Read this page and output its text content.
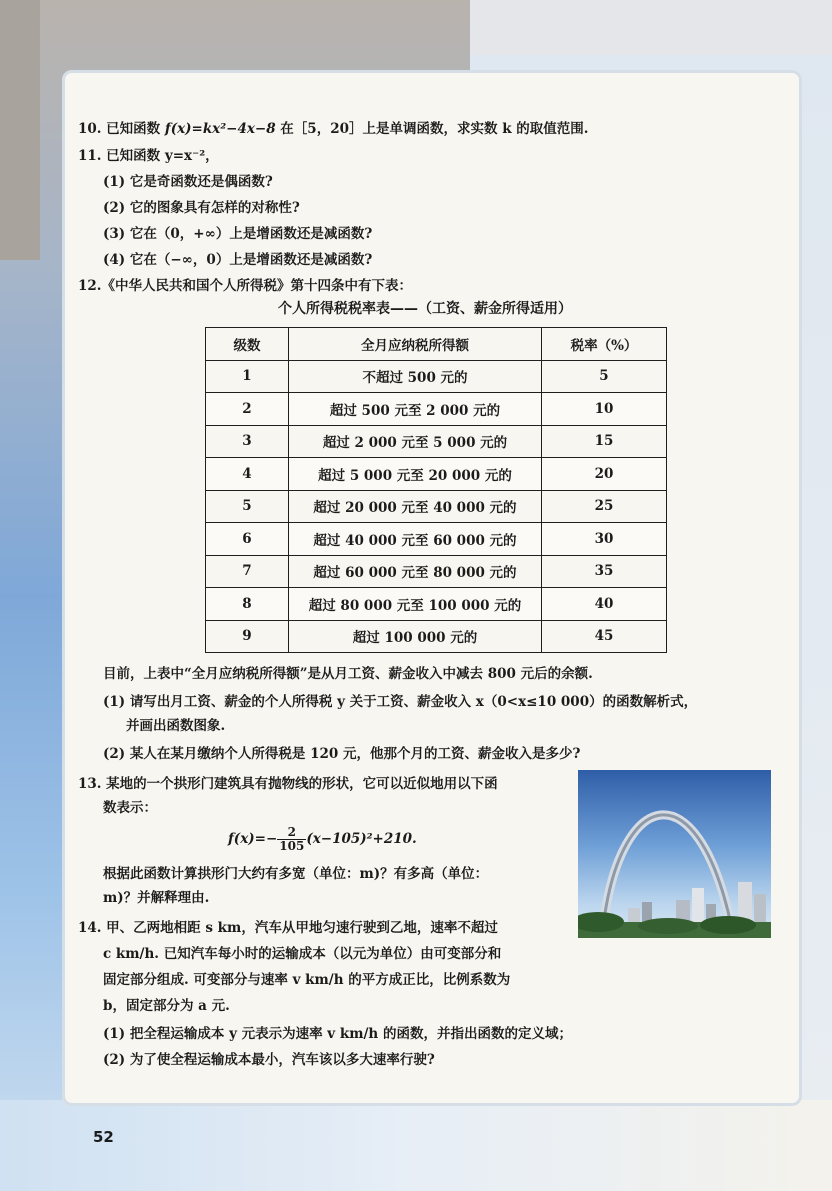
10. 已知函数 f(x)=kx²−4x−8 在［5，20］上是单调函数，求实数 k 的取值范围.
11. 已知函数 y=x⁻²，
(1) 它是奇函数还是偶函数?
(2) 它的图象具有怎样的对称性?
(3) 它在（0，+∞）上是增函数还是减函数?
(4) 它在（−∞，0）上是增函数还是减函数?
12.《中华人民共和国个人所得税》第十四条中有下表：
个人所得税税率表——（工资、薪金所得适用）
级数	全月应纳税所得额	税率（%）
1	不超过 500 元的	5
2	超过 500 元至 2 000 元的	10
3	超过 2 000 元至 5 000 元的	15
4	超过 5 000 元至 20 000 元的	20
5	超过 20 000 元至 40 000 元的	25
6	超过 40 000 元至 60 000 元的	30
7	超过 60 000 元至 80 000 元的	35
8	超过 80 000 元至 100 000 元的	40
9	超过 100 000 元的	45
目前，上表中“全月应纳税所得额”是从月工资、薪金收入中减去 800 元后的余额.
(1) 请写出月工资、薪金的个人所得税 y 关于工资、薪金收入 x（0<x≤10 000）的函数解析式，
并画出函数图象.
(2) 某人在某月缴纳个人所得税是 120 元，他那个月的工资、薪金收入是多少?
13. 某地的一个拱形门建筑具有抛物线的形状，它可以近似地用以下函
数表示：
$f(x)=- \frac{2}{105} (x-105)^2+210$.
根据此函数计算拱形门大约有多宽（单位：m)？有多高（单位：
m)？并解释理由.
14. 甲、乙两地相距 s km，汽车从甲地匀速行驶到乙地，速率不超过
c km/h. 已知汽车每小时的运输成本（以元为单位）由可变部分和
固定部分组成. 可变部分与速率 v km/h 的平方成正比，比例系数为
b，固定部分为 a 元.
(1) 把全程运输成本 y 元表示为速率 v km/h 的函数，并指出函数的定义域；
(2) 为了使全程运输成本最小，汽车该以多大速率行驶?
52
